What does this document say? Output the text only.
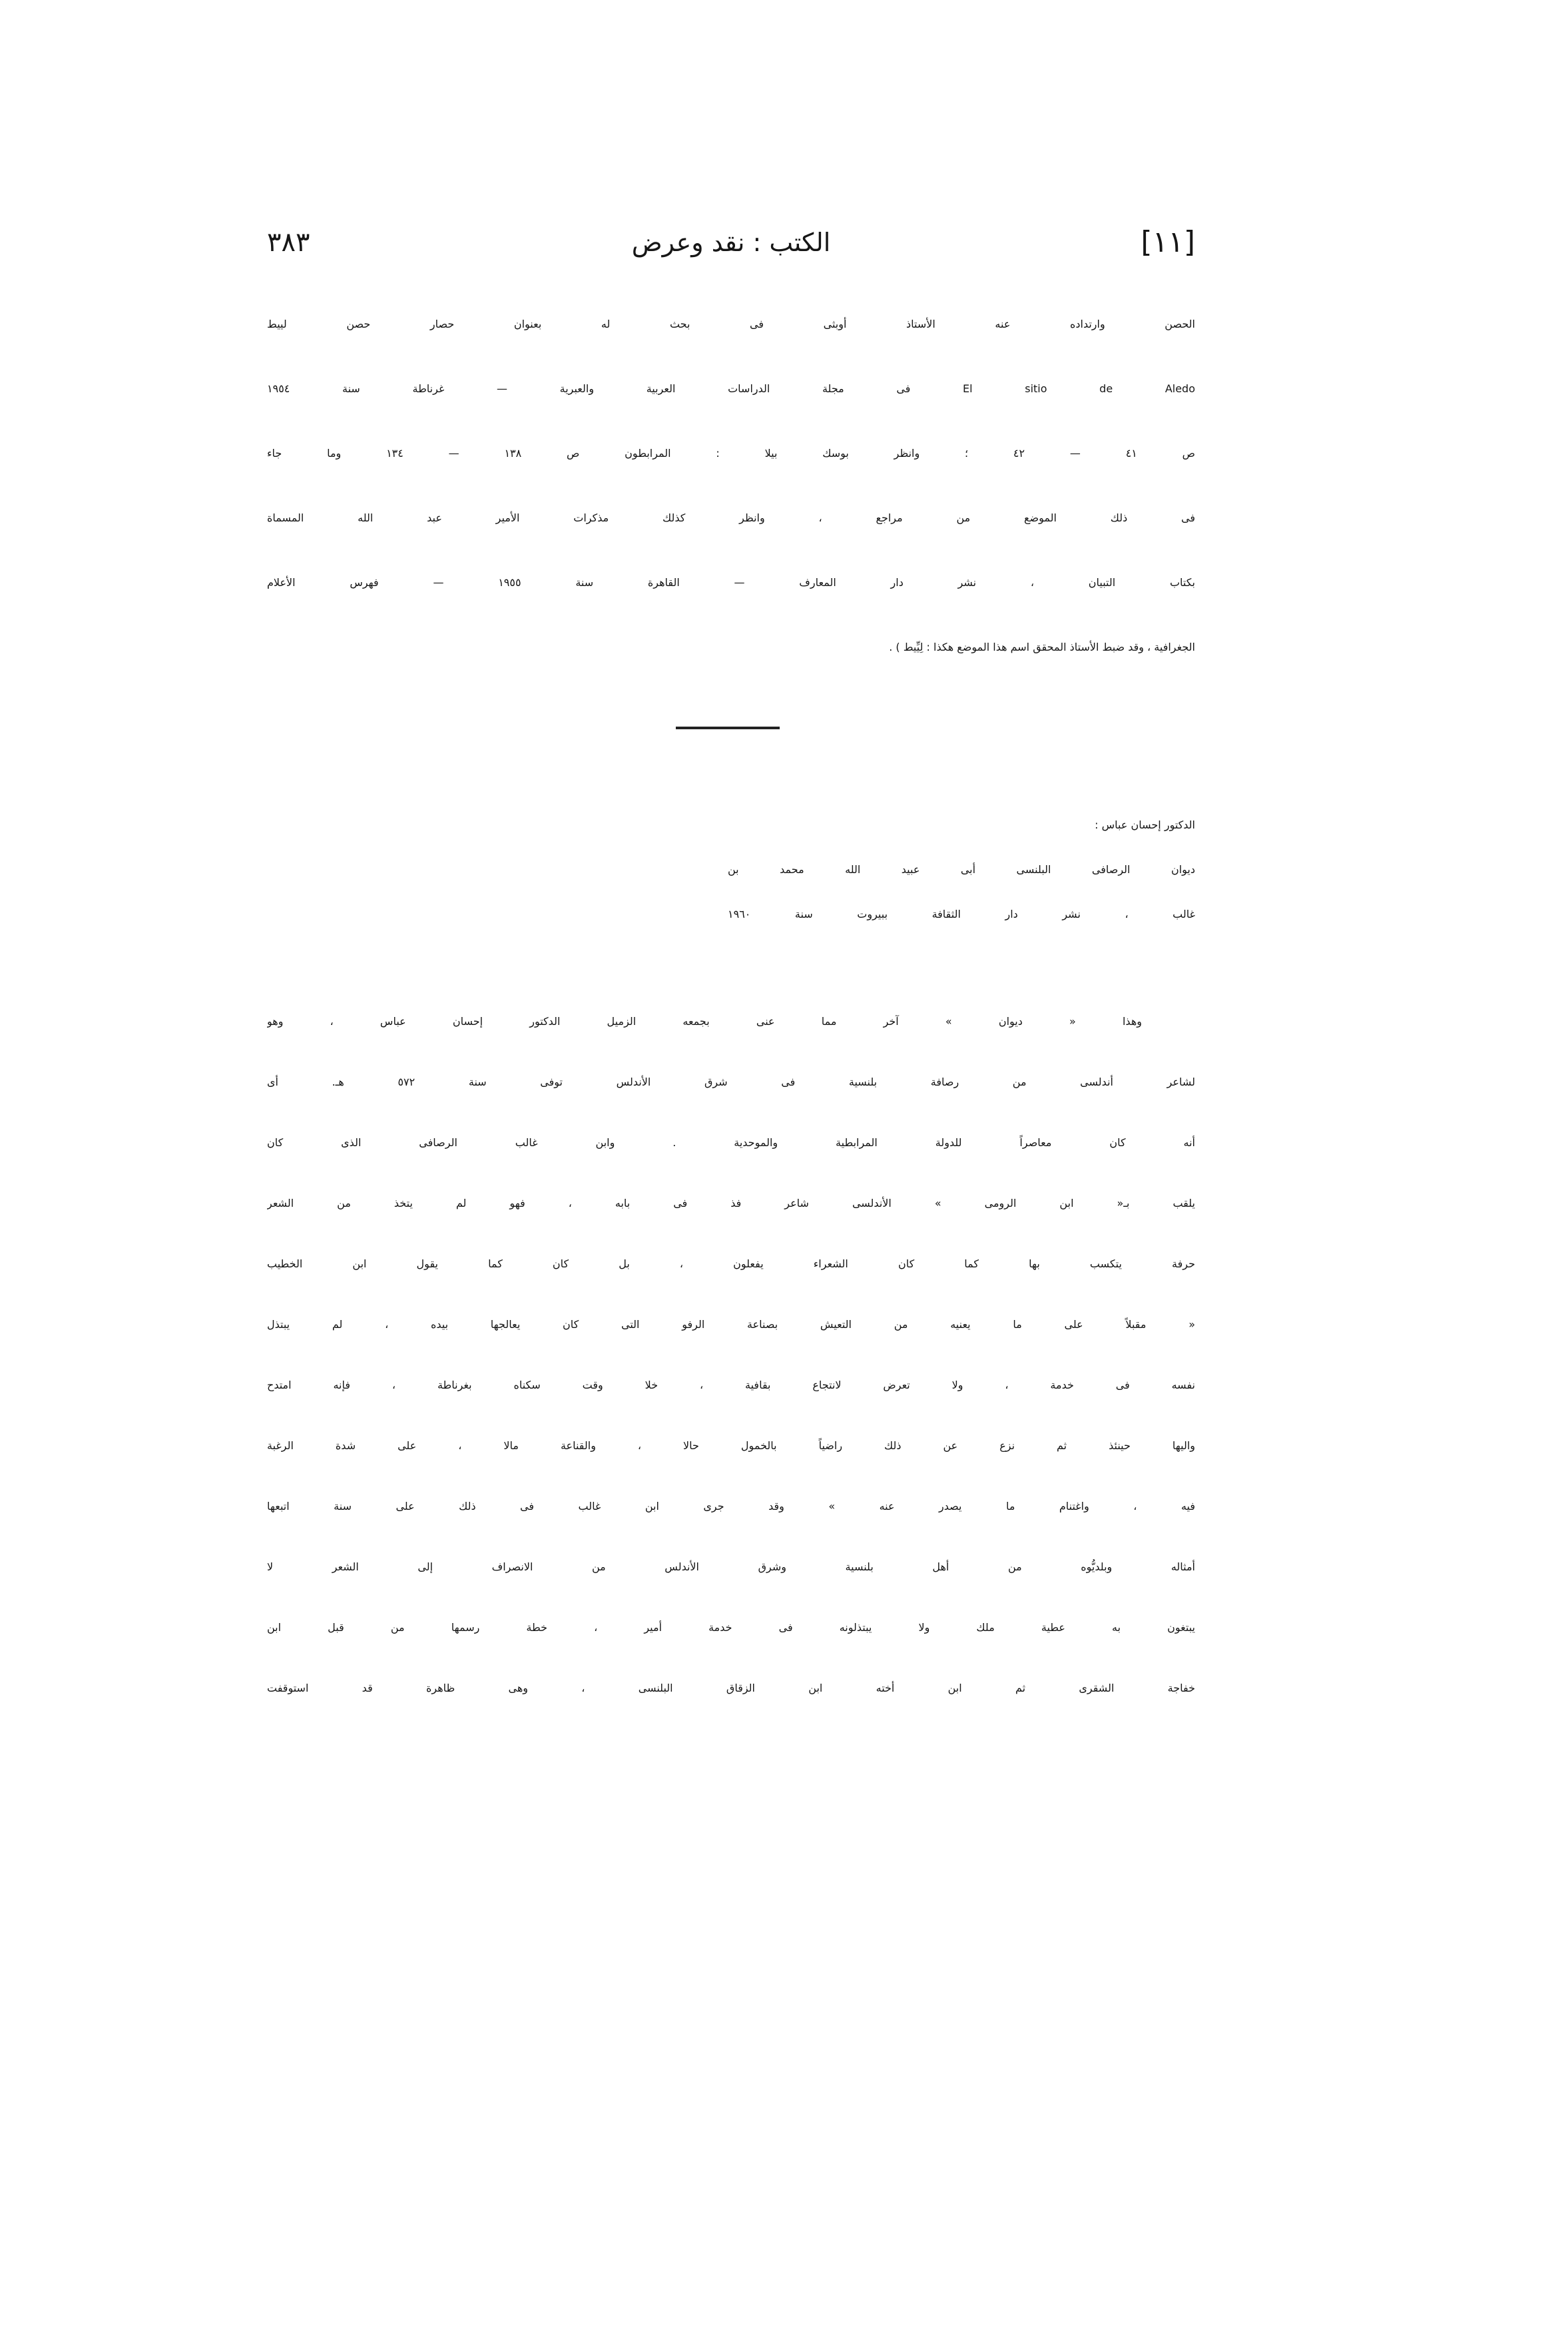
٣٨٣	الكتب : نقد وعرض	[١١]
الحصن وارتداده عنه الأستاذ أوبثى فى بحث له بعنوان حصار حصن لييط
El sitio de Aledo فى مجلة الدراسات العربية والعبرية — غرناطة سنة ١٩٥٤
ص ٤١ — ٤٢ ؛ وانظر بوسك بيلا : المرابطون ص ١٣٨ — ١٣٤ وما جاء
فى ذلك الموضع من مراجع ، وانظر كذلك مذكرات الأمير عبد الله المسماة
بكتاب التبيان ، نشر دار المعارف — القاهرة سنة ١٩٥٥ — فهرس الأعلام
الجغرافية ، وقد ضبط الأستاذ المحقق اسم هذا الموضع هكذا : لِيِّيط ) .
الدكتور إحسان عباس :
ديوان الرصافى البلنسى أبى عبيد الله محمد بن
غالب ، نشر دار الثقافة ببيروت سنة ١٩٦٠
وهذا « ديوان » آخر مما عنى بجمعه الزميل الدكتور إحسان عباس ، وهو
لشاعر أندلسى من رصافة بلنسية فى شرق الأندلس توفى سنة ٥٧٢ هـ. أى
أنه كان معاصراً للدولة المرابطية والموحدية . وابن غالب الرصافى الذى كان
يلقب بـ« ابن الرومى » الأندلسى شاعر فذ فى بابه ، فهو لم يتخذ من الشعر
حرفة يتكسب بها كما كان الشعراء يفعلون ، بل كان كما يقول ابن الخطيب
« مقبلاً على ما يعنيه من التعيش بصناعة الرفو التى كان يعالجها بيده ، لم يبتذل
نفسه فى خدمة ، ولا تعرض لانتجاع بقافية ، خلا وقت سكناه بغرناطة ، فإنه امتدح
واليها حينئذ ثم نزع عن ذلك راضياً بالخمول حالا ، والقناعة مالا ، على شدة الرغبة
فيه ، واغتنام ما يصدر عنه » وقد جرى ابن غالب فى ذلك على سنة اتبعها
أمثاله وبلديُّوه من أهل بلنسية وشرق الأندلس من الانصراف إلى الشعر لا
يبتغون به عطية ملك ولا يبتذلونه فى خدمة أمير ، خطة رسمها من قبل ابن
خفاجة الشقرى ثم ابن أخته ابن الزقاق البلنسى ، وهى ظاهرة قد استوقفت
